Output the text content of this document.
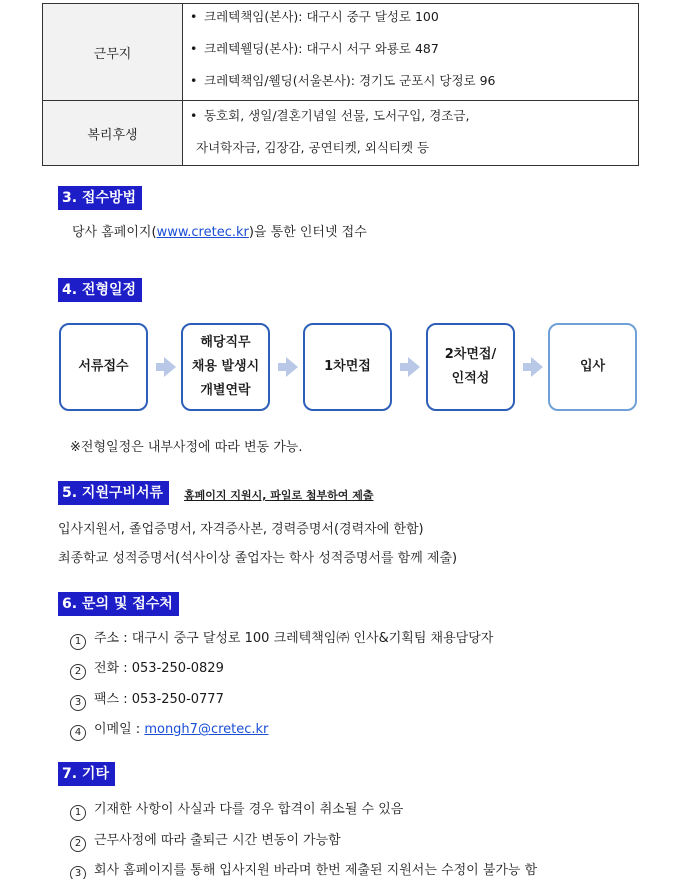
근무지
복리후생
• 크레텍책임(본사): 대구시 중구 달성로 100
• 크레텍웰딩(본사): 대구시 서구 와룡로 487
• 크레텍책임/웰딩(서울본사): 경기도 군포시 당정로 96
• 동호회, 생일/결혼기념일 선물, 도서구입, 경조금,
자녀학자금, 김장감, 공연티켓, 외식티켓 등
3. 접수방법
당사 홈페이지(www.cretec.kr)을 통한 인터넷 접수
4. 전형일정
서류접수
해당직무
채용 발생시
개별연락
1차면접
2차면접/
인적성
입사
※전형일정은 내부사정에 따라 변동 가능.
5. 지원구비서류	홈페이지 지원시, 파일로 첨부하여 제출
입사지원서, 졸업증명서, 자격증사본, 경력증명서(경력자에 한함)
최종학교 성적증명서(석사이상 졸업자는 학사 성적증명서를 함께 제출)
6. 문의 및 접수처
1 주소 : 대구시 중구 달성로 100 크레텍책임㈜ 인사&기획팀 채용담당자
2 전화 : 053-250-0829
3 팩스 : 053-250-0777
4 이메일 : mongh7@cretec.kr
7. 기타
1 기재한 사항이 사실과 다를 경우 합격이 취소될 수 있음
2 근무사정에 따라 출퇴근 시간 변동이 가능함
3 회사 홈페이지를 통해 입사지원 바라며 한번 제출된 지원서는 수정이 불가능 함
